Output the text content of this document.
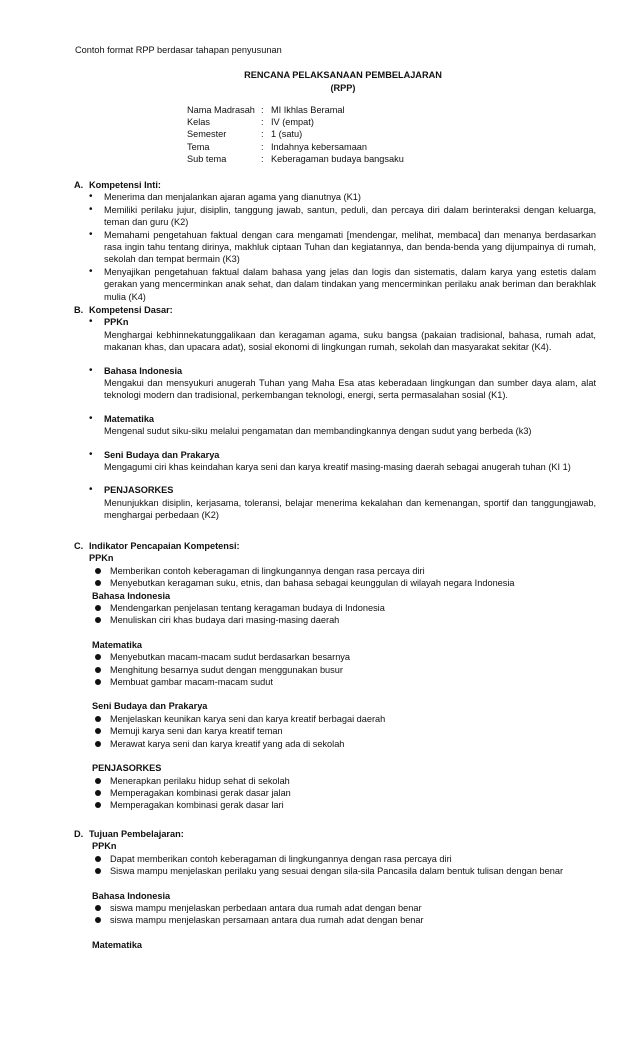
Contoh format RPP berdasar tahapan penyusunan
RENCANA PELAKSANAAN PEMBELAJARAN
(RPP)
Nama Madrasah : MI Ikhlas Beramal
Kelas	: IV (empat)
Semester	: 1 (satu)
Tema	: Indahnya kebersamaan
Sub tema	: Keberagaman budaya bangsaku
A. Kompetensi Inti:
• Menerima dan menjalankan ajaran agama yang dianutnya (K1)
• Memiliki perilaku jujur, disiplin, tanggung jawab, santun, peduli, dan percaya diri dalam berinteraksi dengan keluarga, teman dan guru (K2)
• Memahami pengetahuan faktual dengan cara mengamati [mendengar, melihat, membaca] dan menanya berdasarkan rasa ingin tahu tentang dirinya, makhluk ciptaan Tuhan dan kegiatannya, dan benda-benda yang dijumpainya di rumah, sekolah dan tempat bermain (K3)
• Menyajikan pengetahuan faktual dalam bahasa yang jelas dan logis dan sistematis, dalam karya yang estetis dalam gerakan yang mencerminkan anak sehat, dan dalam tindakan yang mencerminkan perilaku anak beriman dan berakhlak mulia (K4)
B. Kompetensi Dasar:
• PPKn
Menghargai kebhinnekatunggalikaan dan keragaman agama, suku bangsa (pakaian tradisional, bahasa, rumah adat, makanan khas, dan upacara adat), sosial ekonomi di lingkungan rumah, sekolah dan masyarakat sekitar (K4).
• Bahasa Indonesia
Mengakui dan mensyukuri anugerah Tuhan yang Maha Esa atas keberadaan lingkungan dan sumber daya alam, alat teknologi modern dan tradisional, perkembangan teknologi, energi, serta permasalahan sosial (K1).
• Matematika
Mengenal sudut siku-siku melalui pengamatan dan membandingkannya dengan sudut yang berbeda (k3)
• Seni Budaya dan Prakarya
Mengagumi ciri khas keindahan karya seni dan karya kreatif masing-masing daerah sebagai anugerah tuhan (KI 1)
• PENJASORKES
Menunjukkan disiplin, kerjasama, toleransi, belajar menerima kekalahan dan kemenangan, sportif dan tanggungjawab, menghargai perbedaan (K2)
C. Indikator Pencapaian Kompetensi:
PPKn
Memberikan contoh keberagaman di lingkungannya dengan rasa percaya diri
Menyebutkan keragaman suku, etnis, dan bahasa sebagai keunggulan di wilayah negara Indonesia
Bahasa Indonesia
Mendengarkan penjelasan tentang keragaman budaya di Indonesia
Menuliskan ciri khas budaya dari masing-masing daerah
Matematika
Menyebutkan macam-macam sudut berdasarkan besarnya
Menghitung besarnya sudut dengan menggunakan busur
Membuat gambar macam-macam sudut
Seni Budaya dan Prakarya
Menjelaskan keunikan karya seni dan karya kreatif berbagai daerah
Memuji karya seni dan karya kreatif teman
Merawat karya seni dan karya kreatif yang ada di sekolah
PENJASORKES
Menerapkan perilaku hidup sehat di sekolah
Memperagakan kombinasi gerak dasar jalan
Memperagakan kombinasi gerak dasar lari
D. Tujuan Pembelajaran:
PPKn
Dapat memberikan contoh keberagaman di lingkungannya dengan rasa percaya diri
Siswa mampu menjelaskan perilaku yang sesuai dengan sila-sila Pancasila dalam bentuk tulisan dengan benar
Bahasa Indonesia
siswa mampu menjelaskan perbedaan antara dua rumah adat dengan benar
siswa mampu menjelaskan persamaan antara dua rumah adat dengan benar
Matematika
